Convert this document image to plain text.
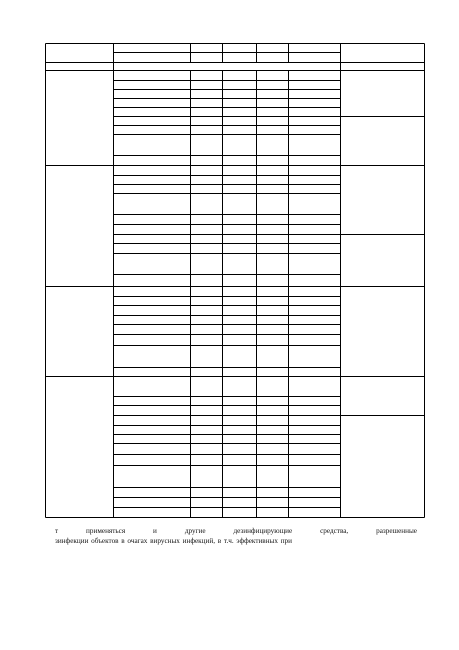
т применяться и другие дезинфицирующие средства, разрешенные
зинфекции объектов в очагах вирусных инфекций, в т.ч. эффективных при
